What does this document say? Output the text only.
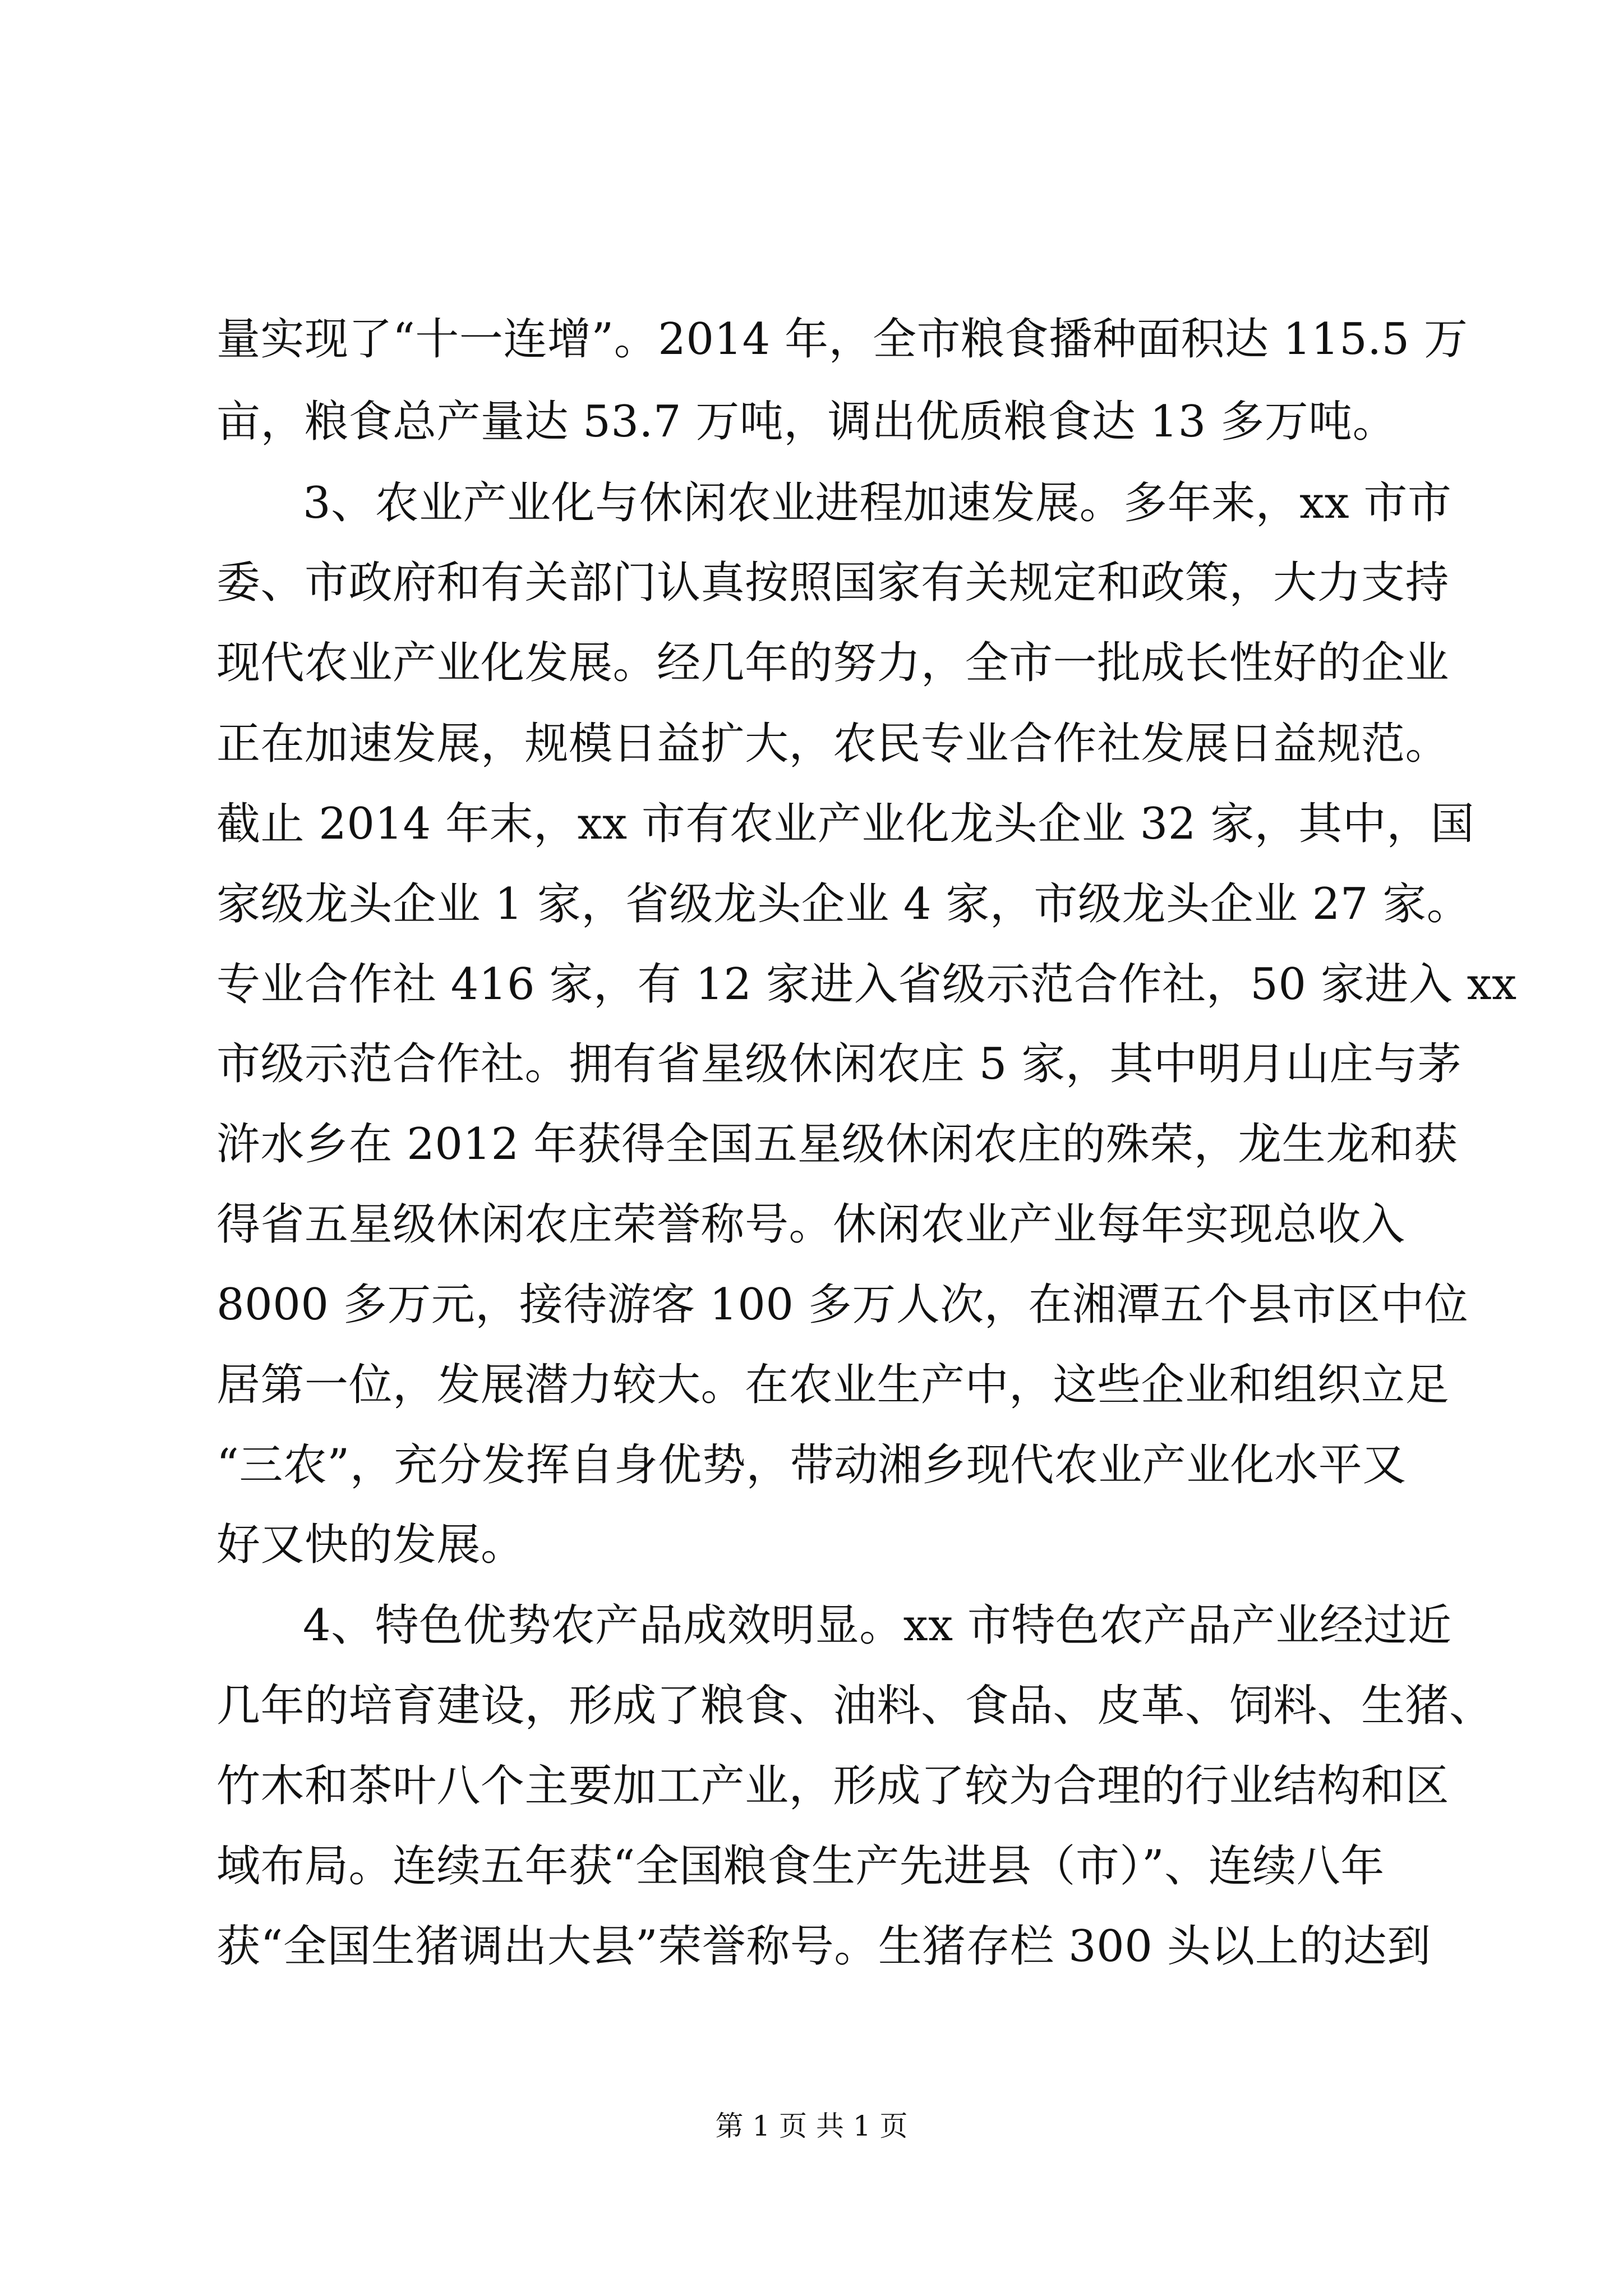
量实现了“十一连增”。2014 年，全市粮食播种面积达 115.5 万
亩，粮食总产量达 53.7 万吨，调出优质粮食达 13 多万吨。
3、农业产业化与休闲农业进程加速发展。多年来，xx 市市
委、市政府和有关部门认真按照国家有关规定和政策，大力支持
现代农业产业化发展。经几年的努力，全市一批成长性好的企业
正在加速发展，规模日益扩大，农民专业合作社发展日益规范。
截止 2014 年末，xx 市有农业产业化龙头企业 32 家，其中，国
家级龙头企业 1 家，省级龙头企业 4 家，市级龙头企业 27 家。
专业合作社 416 家，有 12 家进入省级示范合作社，50 家进入 xx
市级示范合作社。拥有省星级休闲农庄 5 家，其中明月山庄与茅
浒水乡在 2012 年获得全国五星级休闲农庄的殊荣，龙生龙和获
得省五星级休闲农庄荣誉称号。休闲农业产业每年实现总收入
8000 多万元，接待游客 100 多万人次，在湘潭五个县市区中位
居第一位，发展潜力较大。在农业生产中，这些企业和组织立足
“三农”，充分发挥自身优势，带动湘乡现代农业产业化水平又
好又快的发展。
4、特色优势农产品成效明显。xx 市特色农产品产业经过近
几年的培育建设，形成了粮食、油料、食品、皮革、饲料、生猪、
竹木和茶叶八个主要加工产业，形成了较为合理的行业结构和区
域布局。连续五年获“全国粮食生产先进县（市）”、连续八年
获“全国生猪调出大县”荣誉称号。生猪存栏 300 头以上的达到
第 1 页 共 1 页
